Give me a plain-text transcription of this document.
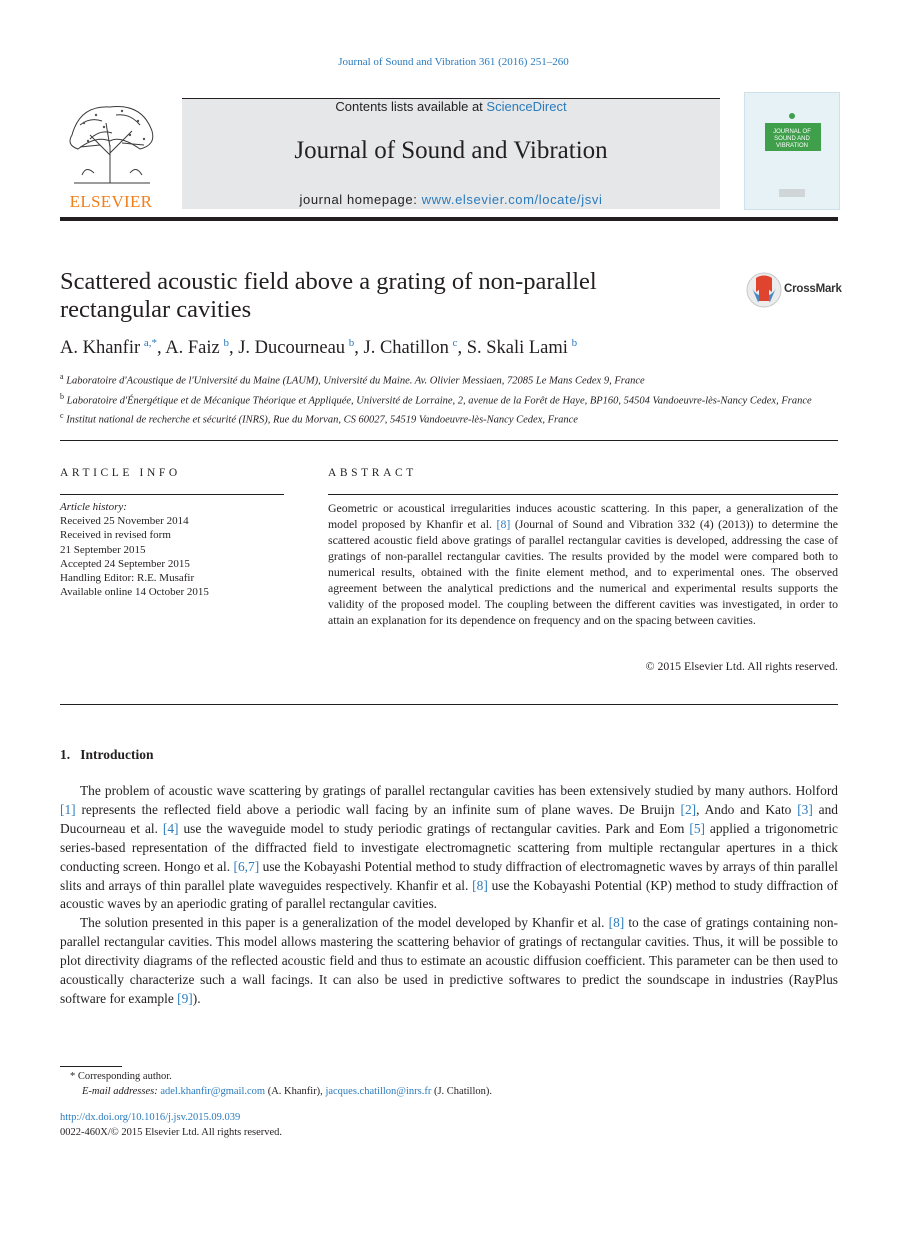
Journal of Sound and Vibration 361 (2016) 251–260
ELSEVIER
Contents lists available at ScienceDirect
Journal of Sound and Vibration
journal homepage: www.elsevier.com/locate/jsvi
JOURNAL OF SOUND AND VIBRATION
Scattered acoustic field above a grating of non-parallel rectangular cavities
CrossMark
A. Khanfir  $^{a,*}$, A. Faiz  $^b$, J. Ducourneau  $^b$, J. Chatillon  $^c$, S. Skali Lami  $^b$
$^a$ Laboratoire d'Acoustique de l'Université du Maine (LAUM), Université du Maine. Av. Olivier Messiaen, 72085 Le Mans Cedex 9, France
$^b$ Laboratoire d'Énergétique et de Mécanique Théorique et Appliquée, Université de Lorraine, 2, avenue de la Forêt de Haye, BP160, 54504 Vandoeuvre-lès-Nancy Cedex, France
$^c$ Institut national de recherche et sécurité (INRS), Rue du Morvan, CS 60027, 54519 Vandoeuvre-lès-Nancy Cedex, France
ARTICLE INFO
Article history:
Received 25 November 2014
Received in revised form
21 September 2015
Accepted 24 September 2015
Handling Editor: R.E. Musafir
Available online 14 October 2015
ABSTRACT
Geometric or acoustical irregularities induces acoustic scattering. In this paper, a generalization of the model proposed by Khanfir et al. [8] (Journal of Sound and Vibration 332 (4) (2013)) to determine the scattered acoustic field above gratings of parallel rectangular cavities is developed, addressing the case of gratings of non-parallel rectangular cavities. The results provided by the model were compared both to numerical results, obtained with the finite element method, and to experimental ones. The observed agreement between the analytical predictions and the numerical and experimental results supports the validity of the proposed model. The coupling between the different cavities was investigated, in order to attain an explanation for its dependence on frequency and on the spacing between cavities.
© 2015 Elsevier Ltd. All rights reserved.
1.   Introduction

The problem of acoustic wave scattering by gratings of parallel rectangular cavities has been extensively studied by many authors. Holford [1] represents the reflected field above a periodic wall facing by an infinite sum of plane waves. De Bruijn [2], Ando and Kato [3] and Ducourneau et al. [4] use the waveguide model to study periodic gratings of rectangular cavities. Park and Eom [5] applied a trigonometric series-based representation of the diffracted field to investigate electromagnetic scattering from multiple rectangular apertures in a thick conducting screen. Hongo et al. [6,7] use the Kobayashi Potential method to study diffraction of electromagnetic waves by arrays of thin parallel slits and arrays of thin parallel plate waveguides respectively. Khanfir et al. [8] use the Kobayashi Potential (KP) method to study diffraction of acoustic waves by an aperiodic grating of parallel rectangular cavities.

The solution presented in this paper is a generalization of the model developed by Khanfir et al. [8] to the case of gratings containing non-parallel rectangular cavities. This model allows mastering the scattering behavior of gratings of rectangular cavities. Thus, it will be possible to plot directivity diagrams of the reflected acoustic field and thus to estimate an acoustic diffusion coefficient. This parameter can be then used to acoustically characterize such a wall facings. It can also be used in predictive softwares to predict the soundscape in industries (RayPlus software for example [9]).

* Corresponding author.
E-mail addresses: adel.khanfir@gmail.com (A. Khanfir), jacques.chatillon@inrs.fr (J. Chatillon).
http://dx.doi.org/10.1016/j.jsv.2015.09.039
0022-460X/© 2015 Elsevier Ltd. All rights reserved.
